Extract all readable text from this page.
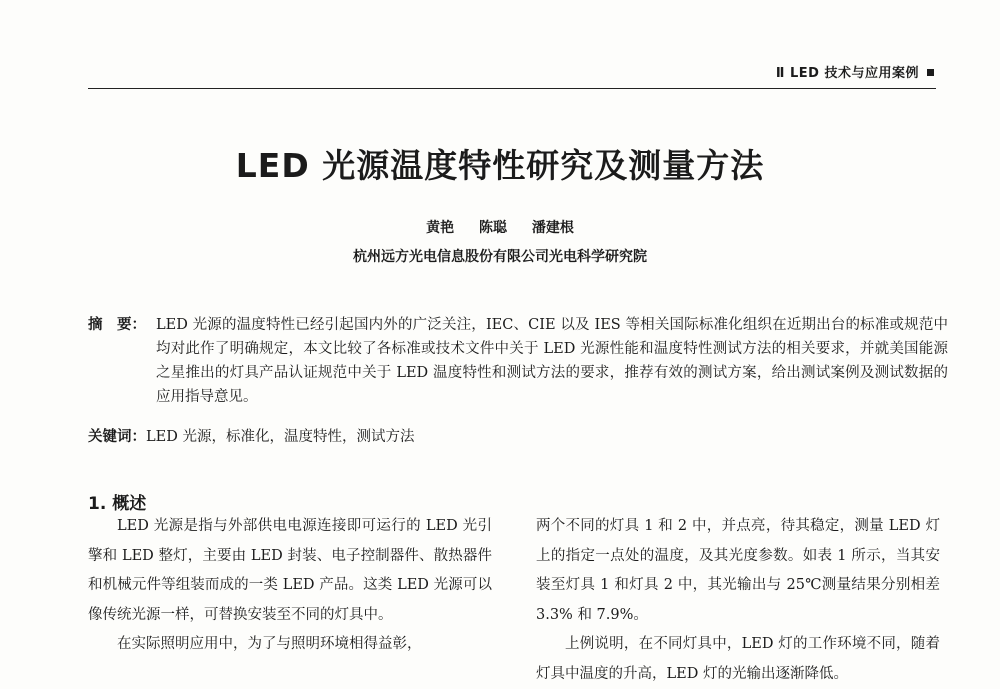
Ⅱ LED 技术与应用案例
LED 光源温度特性研究及测量方法
黄艳 陈聪 潘建根
杭州远方光电信息股份有限公司光电科学研究院
摘　要： LED 光源的温度特性已经引起国内外的广泛关注，IEC、CIE 以及 IES 等相关国际标准化组织在近期出台的标准或规范中均对此作了明确规定，本文比较了各标准或技术文件中关于 LED 光源性能和温度特性测试方法的相关要求，并就美国能源之星推出的灯具产品认证规范中关于 LED 温度特性和测试方法的要求，推荐有效的测试方案，给出测试案例及测试数据的应用指导意见。
关键词：LED 光源，标准化，温度特性，测试方法
1. 概述

LED 光源是指与外部供电电源连接即可运行的 LED 光引擎和 LED 整灯，主要由 LED 封装、电子控制器件、散热器件和机械元件等组装而成的一类 LED 产品。这类 LED 光源可以像传统光源一样，可替换安装至不同的灯具中。

在实际照明应用中，为了与照明环境相得益彰，

两个不同的灯具 1 和 2 中，并点亮，待其稳定，测量 LED 灯上的指定一点处的温度，及其光度参数。如表 1 所示，当其安装至灯具 1 和灯具 2 中，其光输出与 25℃测量结果分别相差 3.3% 和 7.9%。

上例说明，在不同灯具中，LED 灯的工作环境不同，随着灯具中温度的升高，LED 灯的光输出逐渐降低。
